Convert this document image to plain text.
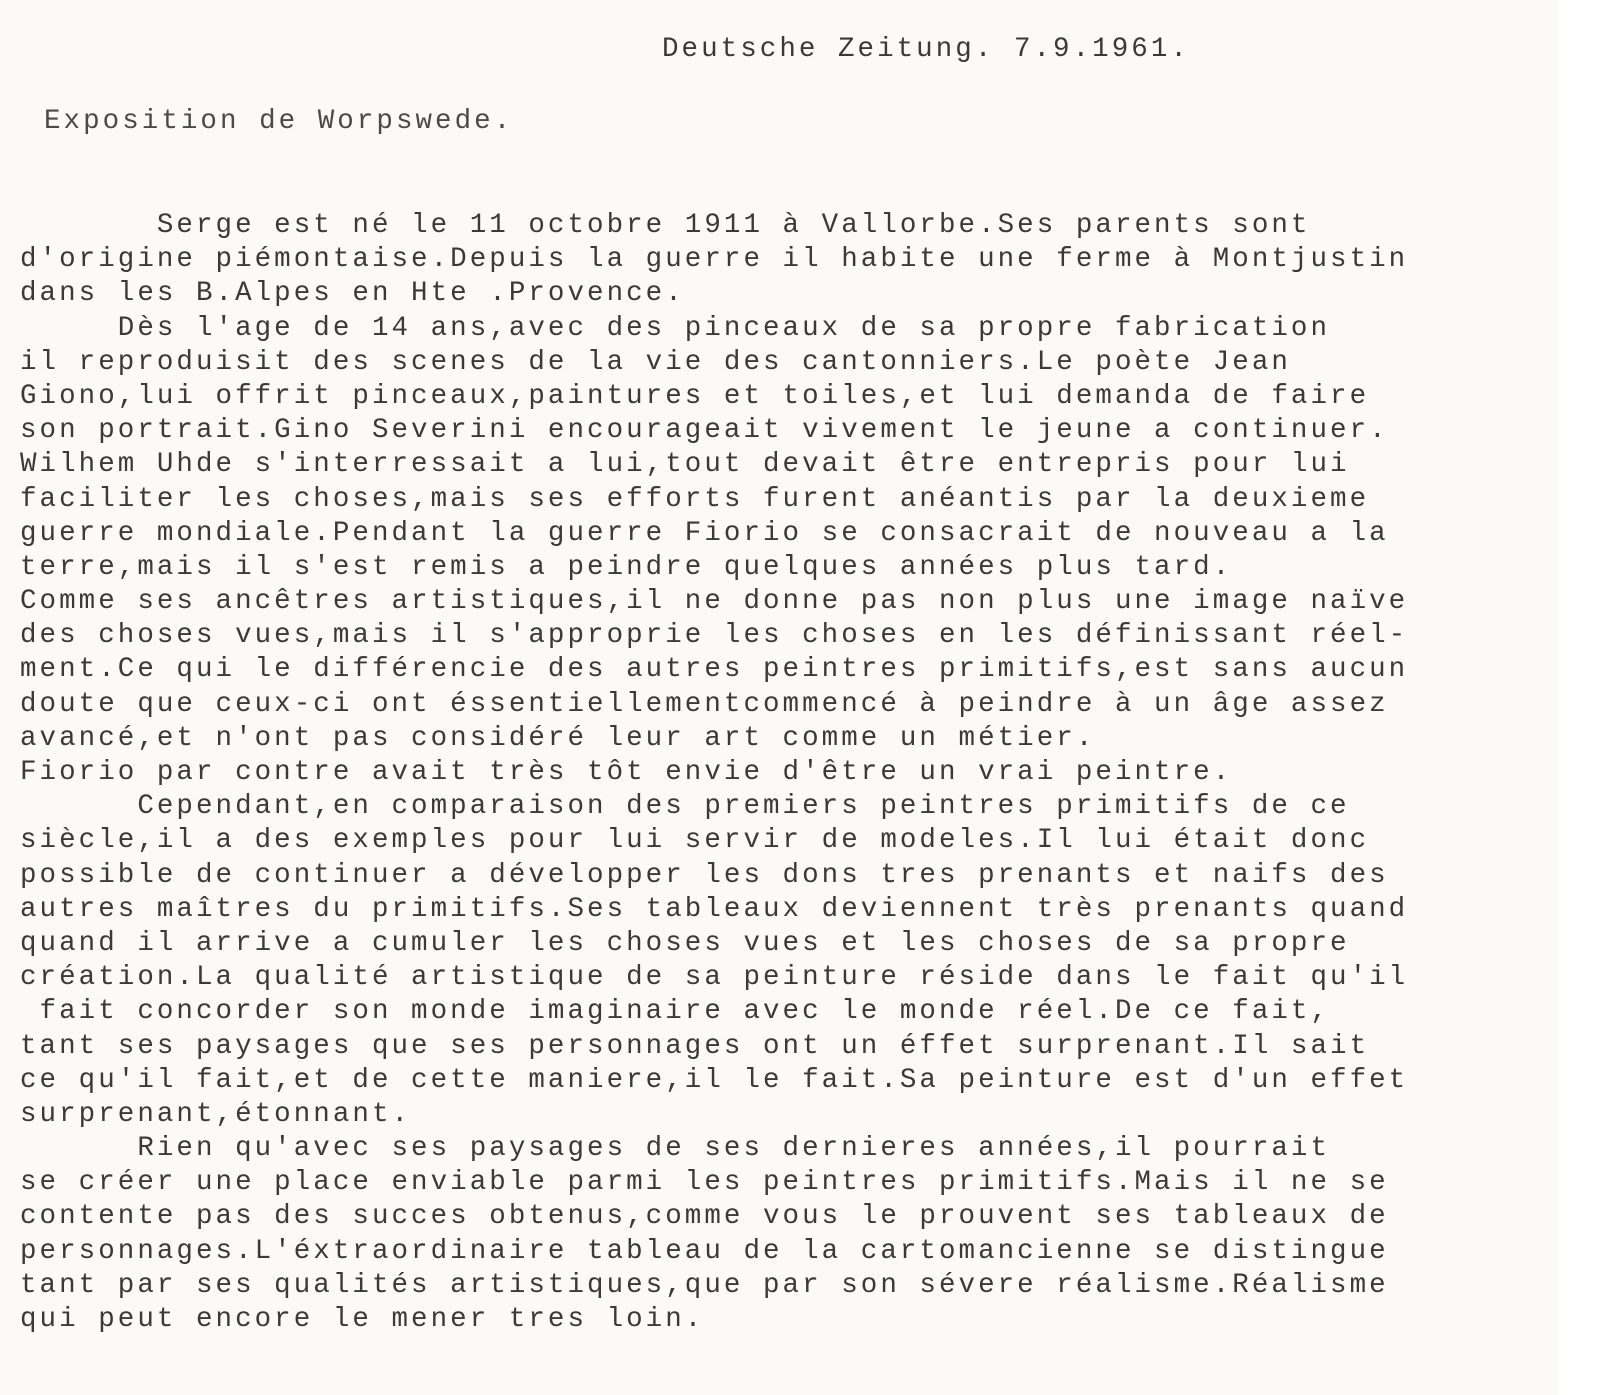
Deutsche Zeitung. 7.9.1961.
Exposition de Worpswede.
Serge est né le 11 octobre 1911 à Vallorbe.Ses parents sont
d'origine piémontaise.Depuis la guerre il habite une ferme à Montjustin
dans les B.Alpes en Hte .Provence.
Dès l'age de 14 ans,avec des pinceaux de sa propre fabrication
il reproduisit des scenes de la vie des cantonniers.Le poète Jean
Giono,lui offrit pinceaux,paintures et toiles,et lui demanda de faire
son portrait.Gino Severini encourageait vivement le jeune a continuer.
Wilhem Uhde s'interressait a lui,tout devait être entrepris pour lui
faciliter les choses,mais ses efforts furent anéantis par la deuxieme
guerre mondiale.Pendant la guerre Fiorio se consacrait de nouveau a la
terre,mais il s'est remis a peindre quelques années plus tard.
Comme ses ancêtres artistiques,il ne donne pas non plus une image naïve
des choses vues,mais il s'approprie les choses en les définissant réel-
ment.Ce qui le différencie des autres peintres primitifs,est sans aucun
doute que ceux-ci ont éssentiellementcommencé à peindre à un âge assez
avancé,et n'ont pas considéré leur art comme un métier.
Fiorio par contre avait très tôt envie d'être un vrai peintre.
Cependant,en comparaison des premiers peintres primitifs de ce
siècle,il a des exemples pour lui servir de modeles.Il lui était donc
possible de continuer a développer les dons tres prenants et naifs des
autres maîtres du primitifs.Ses tableaux deviennent très prenants quand
quand il arrive a cumuler les choses vues et les choses de sa propre
création.La qualité artistique de sa peinture réside dans le fait qu'il
fait concorder son monde imaginaire avec le monde réel.De ce fait,
tant ses paysages que ses personnages ont un éffet surprenant.Il sait
ce qu'il fait,et de cette maniere,il le fait.Sa peinture est d'un effet
surprenant,étonnant.
Rien qu'avec ses paysages de ses dernieres années,il pourrait
se créer une place enviable parmi les peintres primitifs.Mais il ne se
contente pas des succes obtenus,comme vous le prouvent ses tableaux de
personnages.L'éxtraordinaire tableau de la cartomancienne se distingue
tant par ses qualités artistiques,que par son sévere réalisme.Réalisme
qui peut encore le mener tres loin.
